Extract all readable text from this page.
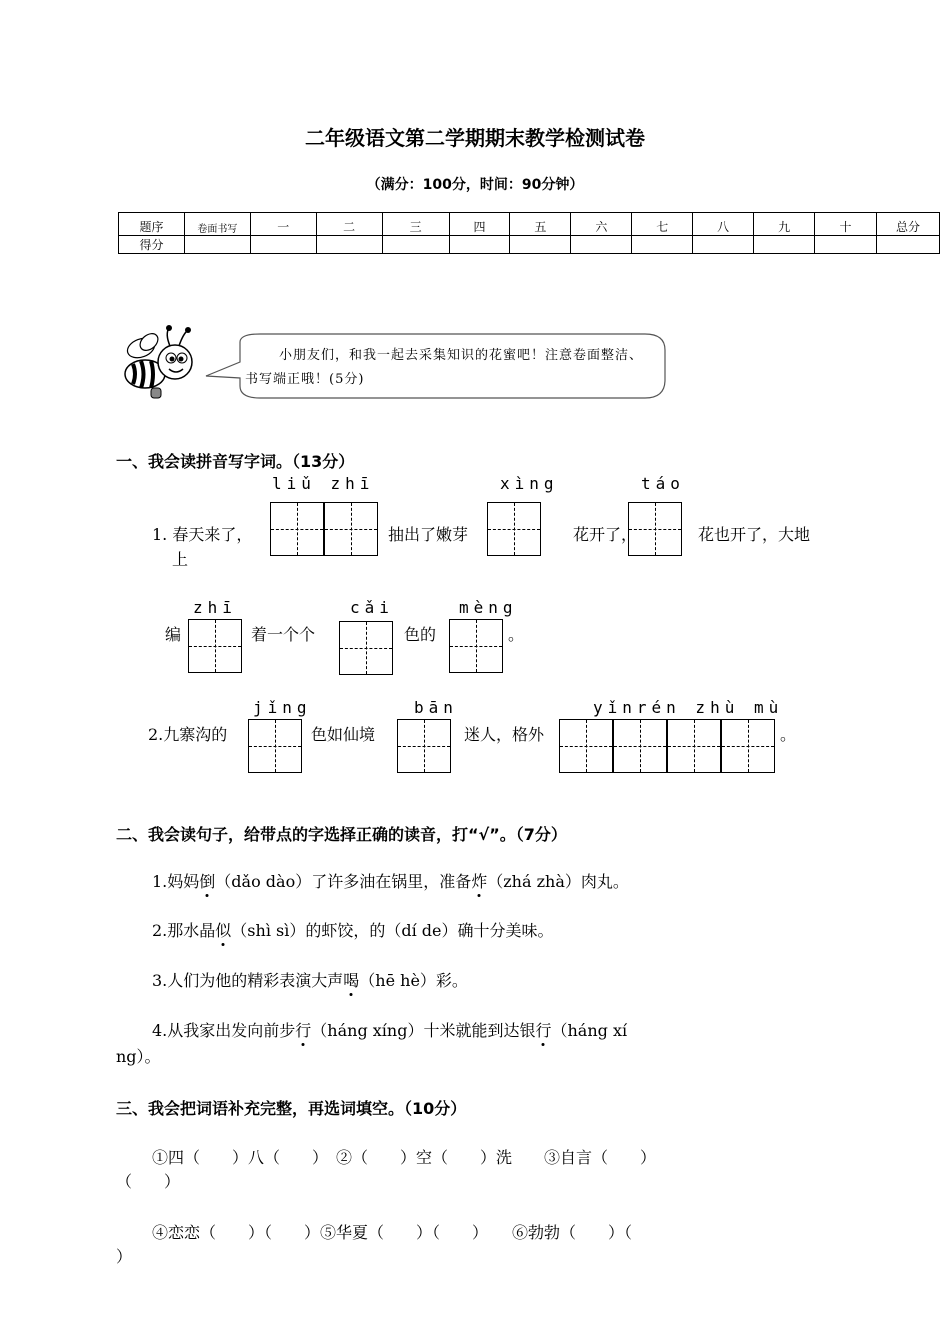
二年级语文第二学期期末教学检测试卷
（满分：100分，时间：90分钟）
题序	卷面书写	一	二	三	四	五	六	七	八	九	十	总分
得分												
小朋友们，和我一起去采集知识的花蜜吧！注意卷面整洁、书写端正哦！(5分)
一、我会读拼音写字词。（13分）
liǔ zhī	xìng	táo
1. 春天来了，	抽出了嫩芽	花开了，	花也开了，大地
上
zhī	cǎi	mèng
编	着一个个	色的	。
jǐng	bān	yǐnrén zhù mù
2.九寨沟的	色如仙境	迷人，格外	。
二、我会读句子，给带点的字选择正确的读音，打“√”。（7分）
1.妈妈倒（dǎo dào）了许多油在锅里，准备炸（zhá zhà）肉丸。
2.那水晶似（shì sì）的虾饺，的（dí de）确十分美味。
3.人们为他的精彩表演大声喝（hē hè）彩。
4.从我家出发向前步行（háng xíng）十米就能到达银行（háng xí
ng）。
三、我会把词语补充完整，再选词填空。（10分）
①四（　　）八（　　）　②（　　）空（　　）洗　　③自言（　　）
（　　）
④恋恋（　　）（　　）⑤华夏（　　）（　　）　　⑥勃勃（　　）（
）
